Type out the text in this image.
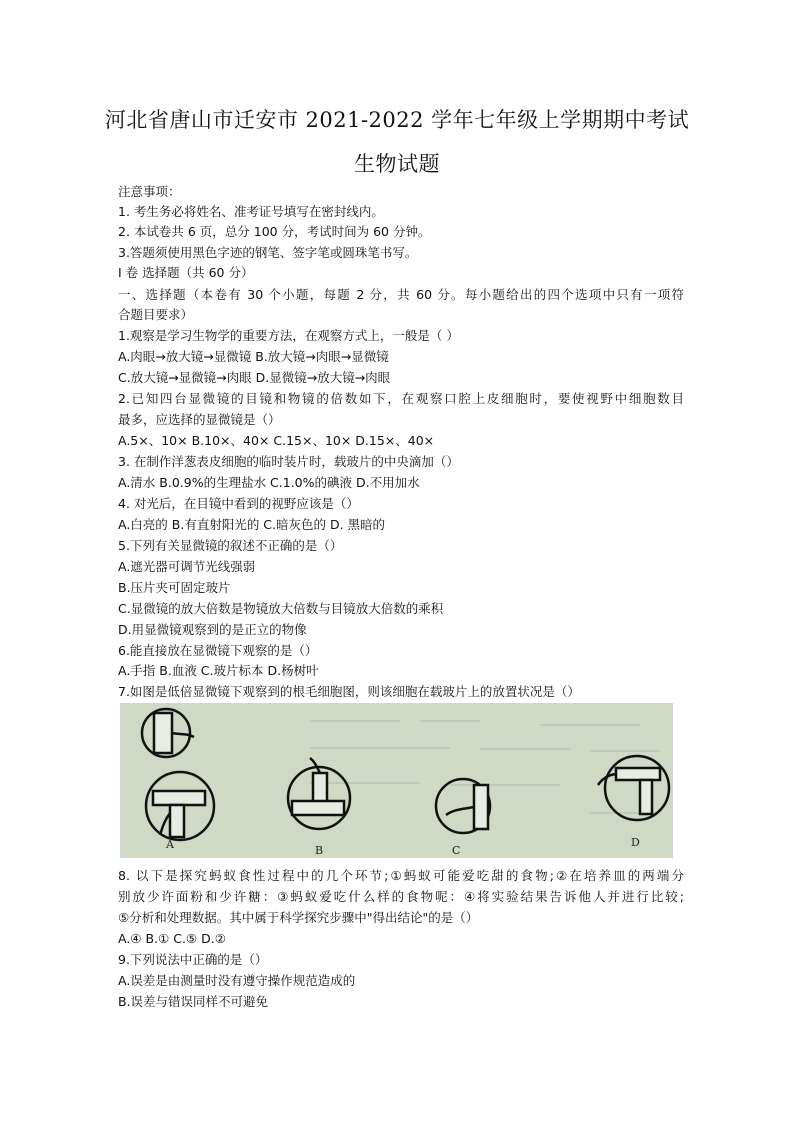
河北省唐山市迁安市 2021-2022 学年七年级上学期期中考试
生物试题
注意事项：
1. 考生务必将姓名、准考证号填写在密封线内。
2. 本试卷共 6 页，总分 100 分，考试时间为 60 分钟。
3.答题须使用黑色字迹的钢笔、签字笔或圆珠笔书写。
I 卷 选择题（共 60 分）
一、选择题（本卷有 30 个小题，每题 2 分，共 60 分。每小题给出的四个选项中只有一项符
合题目要求）
1.观察是学习生物学的重要方法，在观察方式上，一般是（ ）
A.肉眼→放大镜→显微镜 B.放大镜→肉眼→显微镜
C.放大镜→显微镜→肉眼 D.显微镜→放大镜→肉眼
2.已知四台显微镜的目镜和物镜的倍数如下，在观察口腔上皮细胞时，要使视野中细胞数目
最多，应选择的显微镜是（）
A.5×、10× B.10×、40× C.15×、10× D.15×、40×
3. 在制作洋葱表皮细胞的临时装片时，载玻片的中央滴加（）
A.清水 B.0.9%的生理盐水 C.1.0%的碘液 D.不用加水
4. 对光后，在目镜中看到的视野应该是（）
A.白亮的 B.有直射阳光的 C.暗灰色的 D. 黑暗的
5.下列有关显微镜的叙述不正确的是（）
A.遮光器可调节光线强弱
B.压片夹可固定玻片
C.显微镜的放大倍数是物镜放大倍数与目镜放大倍数的乘积
D.用显微镜观察到的是正立的物像
6.能直接放在显微镜下观察的是（）
A.手指 B.血液 C.玻片标本 D.杨树叶
7.如图是低倍显微镜下观察到的根毛细胞图，则该细胞在载玻片上的放置状况是（）
A	B	C
D
8. 以下是探究蚂蚁食性过程中的几个环节;①蚂蚁可能爱吃甜的食物;②在培养皿的两端分
别放少许面粉和少许糖：③蚂蚁爱吃什么样的食物呢：④将实验结果告诉他人并进行比较;
⑤分析和处理数据。其中属于科学探究步骤中"得出结论"的是（）
A.④ B.① C.⑤ D.②
9.下列说法中正确的是（）
A.误差是由测量时没有遵守操作规范造成的
B.误差与错误同样不可避免
